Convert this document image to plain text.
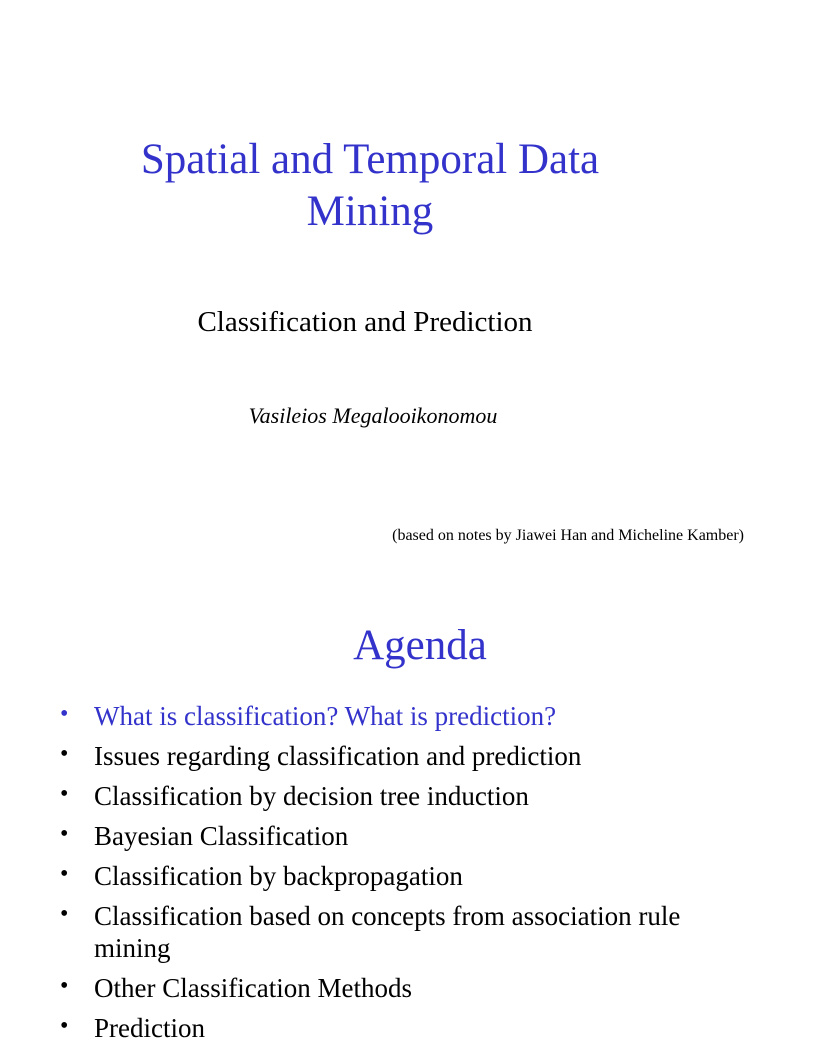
Spatial and Temporal Data
Mining
Classification and Prediction
Vasileios Megalooikonomou
(based on notes by Jiawei Han and Micheline Kamber)
Agenda
• What is classification? What is prediction?
• Issues regarding classification and prediction
• Classification by decision tree induction
• Bayesian Classification
• Classification by backpropagation
• Classification based on concepts from association rule mining
• Other Classification Methods
• Prediction
